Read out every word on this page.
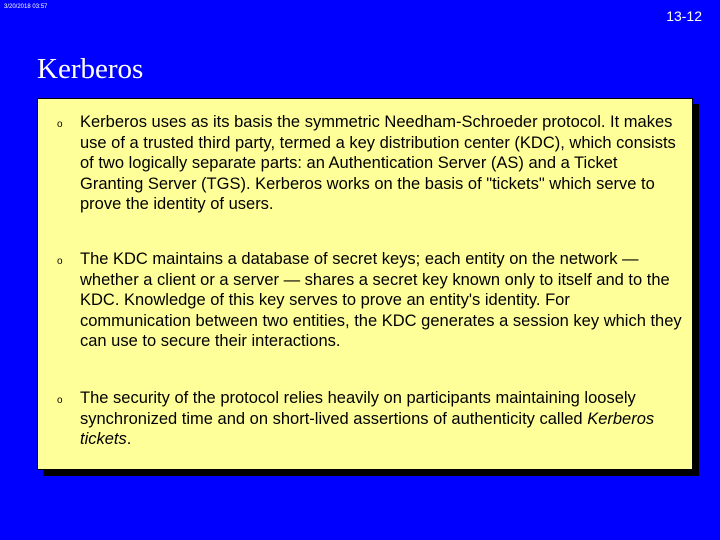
3/20/2018 03:57
13-12
Kerberos
o Kerberos uses as its basis the symmetric Needham-Schroeder protocol. It makes use of a trusted third party, termed a key distribution center (KDC), which consists of two logically separate parts: an Authentication Server (AS) and a Ticket Granting Server (TGS). Kerberos works on the basis of "tickets" which serve to prove the identity of users.
o The KDC maintains a database of secret keys; each entity on the network — whether a client or a server — shares a secret key known only to itself and to the KDC. Knowledge of this key serves to prove an entity's identity. For communication between two entities, the KDC generates a session key which they can use to secure their interactions.
o The security of the protocol relies heavily on participants maintaining loosely synchronized time and on short-lived assertions of authenticity called Kerberos tickets.
